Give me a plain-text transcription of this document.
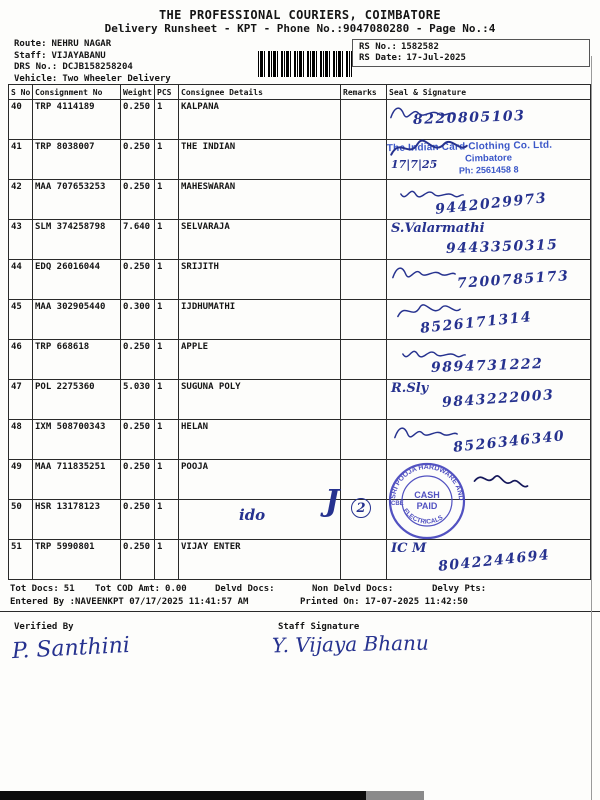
THE PROFESSIONAL COURIERS, COIMBATORE
Delivery Runsheet - KPT - Phone No.:9047080280 - Page No.:4
Route: NEHRU NAGAR
Staff: VIJAYABANU
DRS No.: DCJB158258204
Vehicle: Two Wheeler Delivery
RS No.: 1582582
RS Date: 17-Jul-2025
S No	Consignment No	Weight	PCS	Consignee Details	Remarks	Seal & Signature
40	TRP 4114189	0.250	1	KALPANA		8220805103

41	TRP 8038007	0.250	1	THE INDIAN		The Indian Card Clothing Co. Ltd.
Cimbatore
Ph: 2561458 8
17|7|25

42	MAA 707653253	0.250	1	MAHESWARAN		9442029973

43	SLM 374258798	7.640	1	SELVARAJA		S.Valarmathi
9443350315

44	EDQ 26016044	0.250	1	SRIJITH		7200785173

45	MAA 302905440	0.300	1	IJDHUMATHI		8526171314

46	TRP 668618	0.250	1	APPLE		9894731222

47	POL 2275360	5.030	1	SUGUNA POLY		R.Sly 9843222003

48	IXM 508700343	0.250	1	HELAN		8526346340

49	MAA 711835251	0.250	1	POOJA		SRI POOJA HARDWARE AND
ELECTRICALS
CASH
PAID
CBE

50	HSR 13178123	0.250	1	ido		J 2

51	TRP 5990801	0.250	1	VIJAY ENTER		IC M 8042244694
Tot Docs: 51 Tot COD Amt: 0.00	Delvd Docs:	Non Delvd Docs:	Delvy Pts:
Entered By :NAVEENKPT 07/17/2025 11:41:57 AM	Printed On: 17-07-2025 11:42:50
Verified By	Staff Signature
P. Santhini	Y. Vijaya Bhanu
